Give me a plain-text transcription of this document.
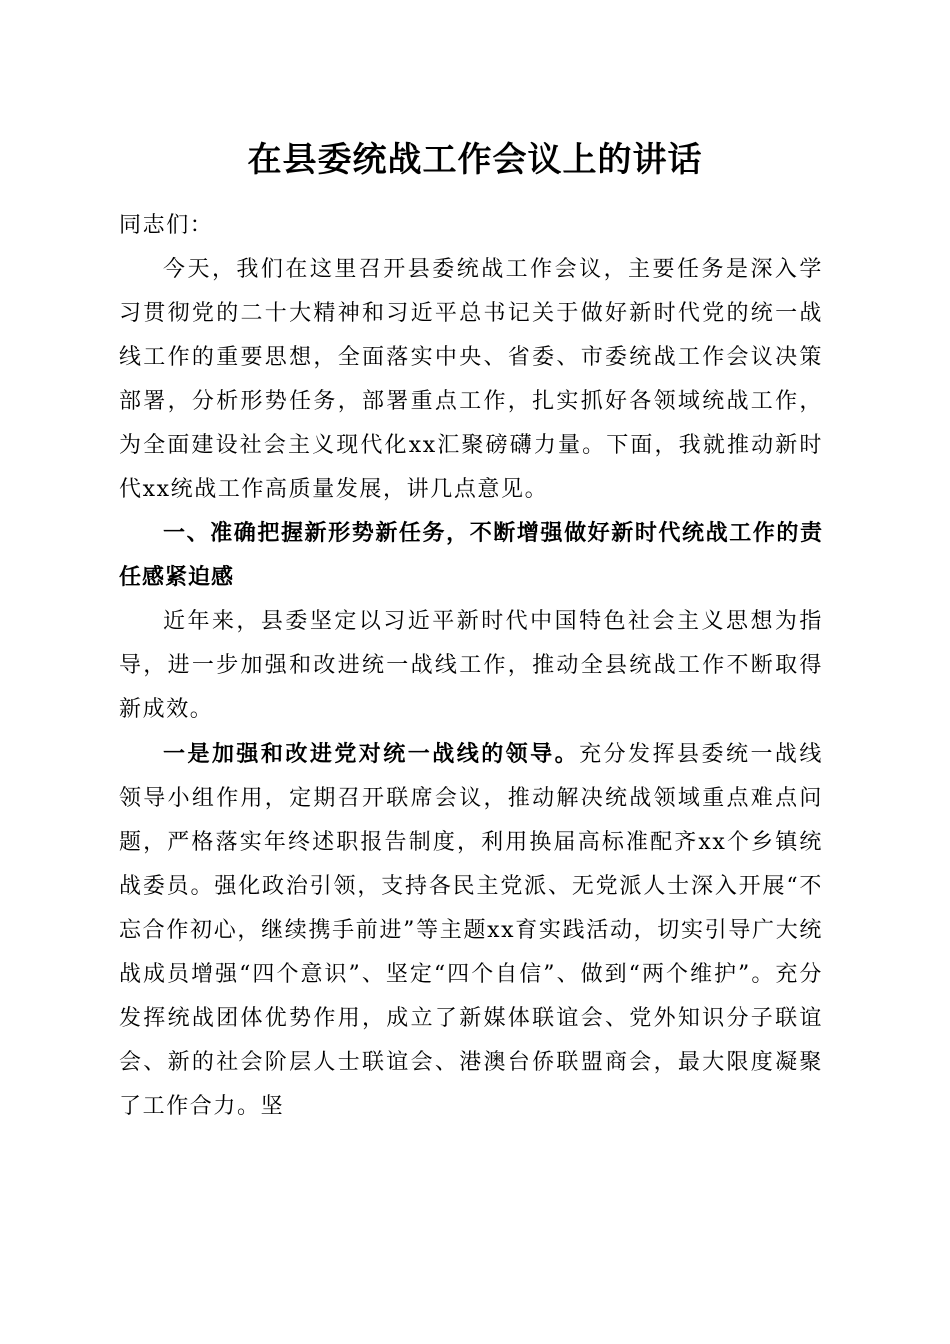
在县委统战工作会议上的讲话

同志们：

今天，我们在这里召开县委统战工作会议，主要任务是深入学习贯彻党的二十大精神和习近平总书记关于做好新时代党的统一战线工作的重要思想，全面落实中央、省委、市委统战工作会议决策部署，分析形势任务，部署重点工作，扎实抓好各领域统战工作，为全面建设社会主义现代化xx汇聚磅礴力量。下面，我就推动新时代xx统战工作高质量发展，讲几点意见。

一、准确把握新形势新任务，不断增强做好新时代统战工作的责任感紧迫感

近年来，县委坚定以习近平新时代中国特色社会主义思想为指导，进一步加强和改进统一战线工作，推动全县统战工作不断取得新成效。

一是加强和改进党对统一战线的领导。充分发挥县委统一战线领导小组作用，定期召开联席会议，推动解决统战领域重点难点问题，严格落实年终述职报告制度，利用换届高标准配齐xx个乡镇统战委员。强化政治引领，支持各民主党派、无党派人士深入开展“不忘合作初心，继续携手前进”等主题xx育实践活动，切实引导广大统战成员增强“四个意识”、坚定“四个自信”、做到“两个维护”。充分发挥统战团体优势作用，成立了新媒体联谊会、党外知识分子联谊会、新的社会阶层人士联谊会、港澳台侨联盟商会，最大限度凝聚了工作合力。坚
